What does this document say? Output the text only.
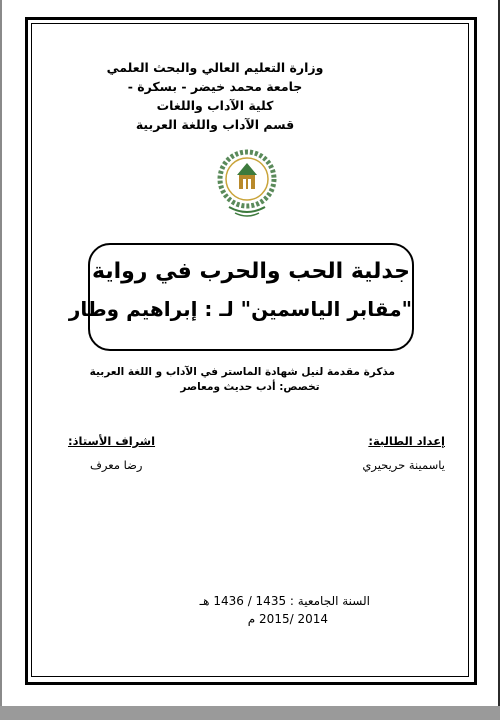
وزارة التعليم العالي والبحث العلمي
جامعة محمد خيضر - بسكرة -
كلية الآداب واللغات
قسم الآداب واللغة العربية
جدلية الحب والحرب في رواية
"مقابر الياسمين" لـ : إبراهيم وطار
مذكرة مقدمة لنيل شهادة الماستر في الآداب و اللغة العربية
تخصص: أدب حديث ومعاصر
إعداد الطالبة:
ياسمينة حريحيري
اشراف الأستاذ:
رضا معرف
السنة الجامعية : 1435 / 1436 هـ
2014 /2015 م
